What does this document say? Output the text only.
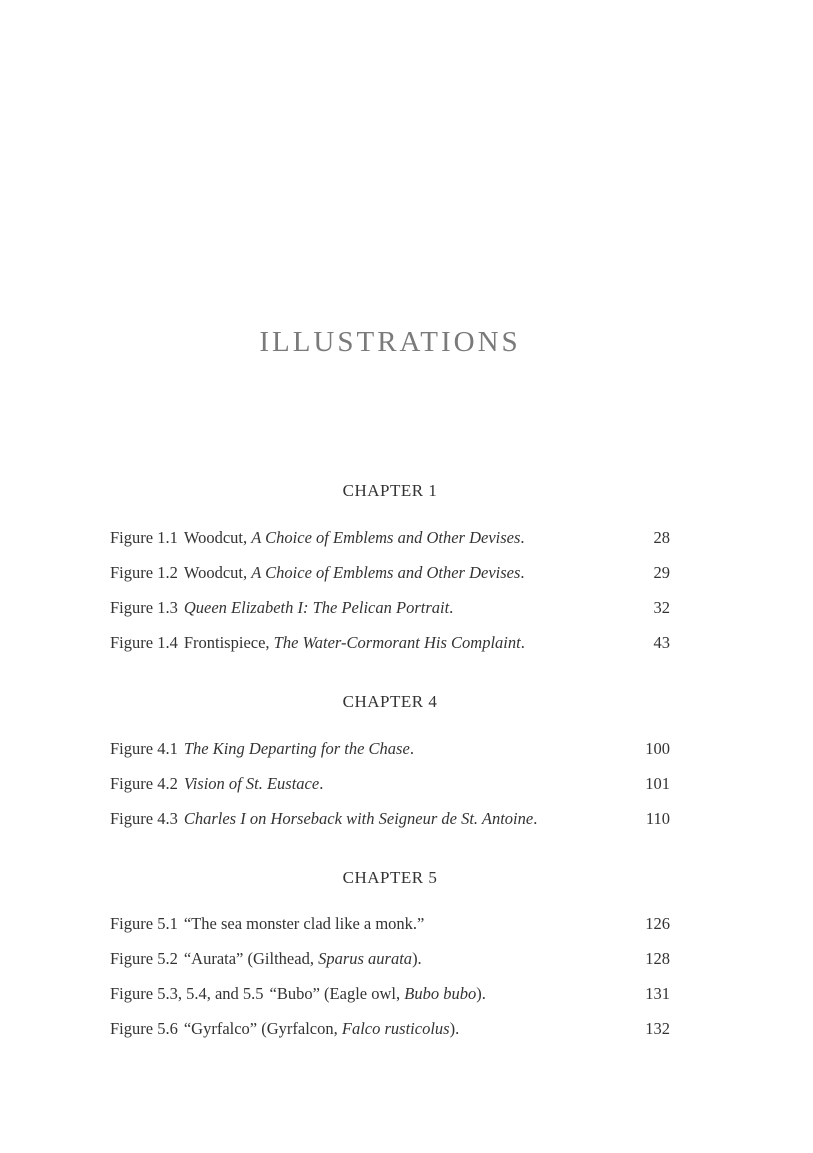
ILLUSTRATIONS
CHAPTER 1
Figure 1.1 Woodcut, A Choice of Emblems and Other Devises.	28
Figure 1.2 Woodcut, A Choice of Emblems and Other Devises.	29
Figure 1.3 Queen Elizabeth I: The Pelican Portrait.	32
Figure 1.4 Frontispiece, The Water-Cormorant His Complaint.	43
CHAPTER 4
Figure 4.1 The King Departing for the Chase.	100
Figure 4.2 Vision of St. Eustace.	101
Figure 4.3 Charles I on Horseback with Seigneur de St. Antoine.	110
CHAPTER 5
Figure 5.1 “The sea monster clad like a monk.”	126
Figure 5.2 “Aurata” (Gilthead, Sparus aurata).	128
Figure 5.3, 5.4, and 5.5 “Bubo” (Eagle owl, Bubo bubo).	131
Figure 5.6 “Gyrfalco” (Gyrfalcon, Falco rusticolus).	132
